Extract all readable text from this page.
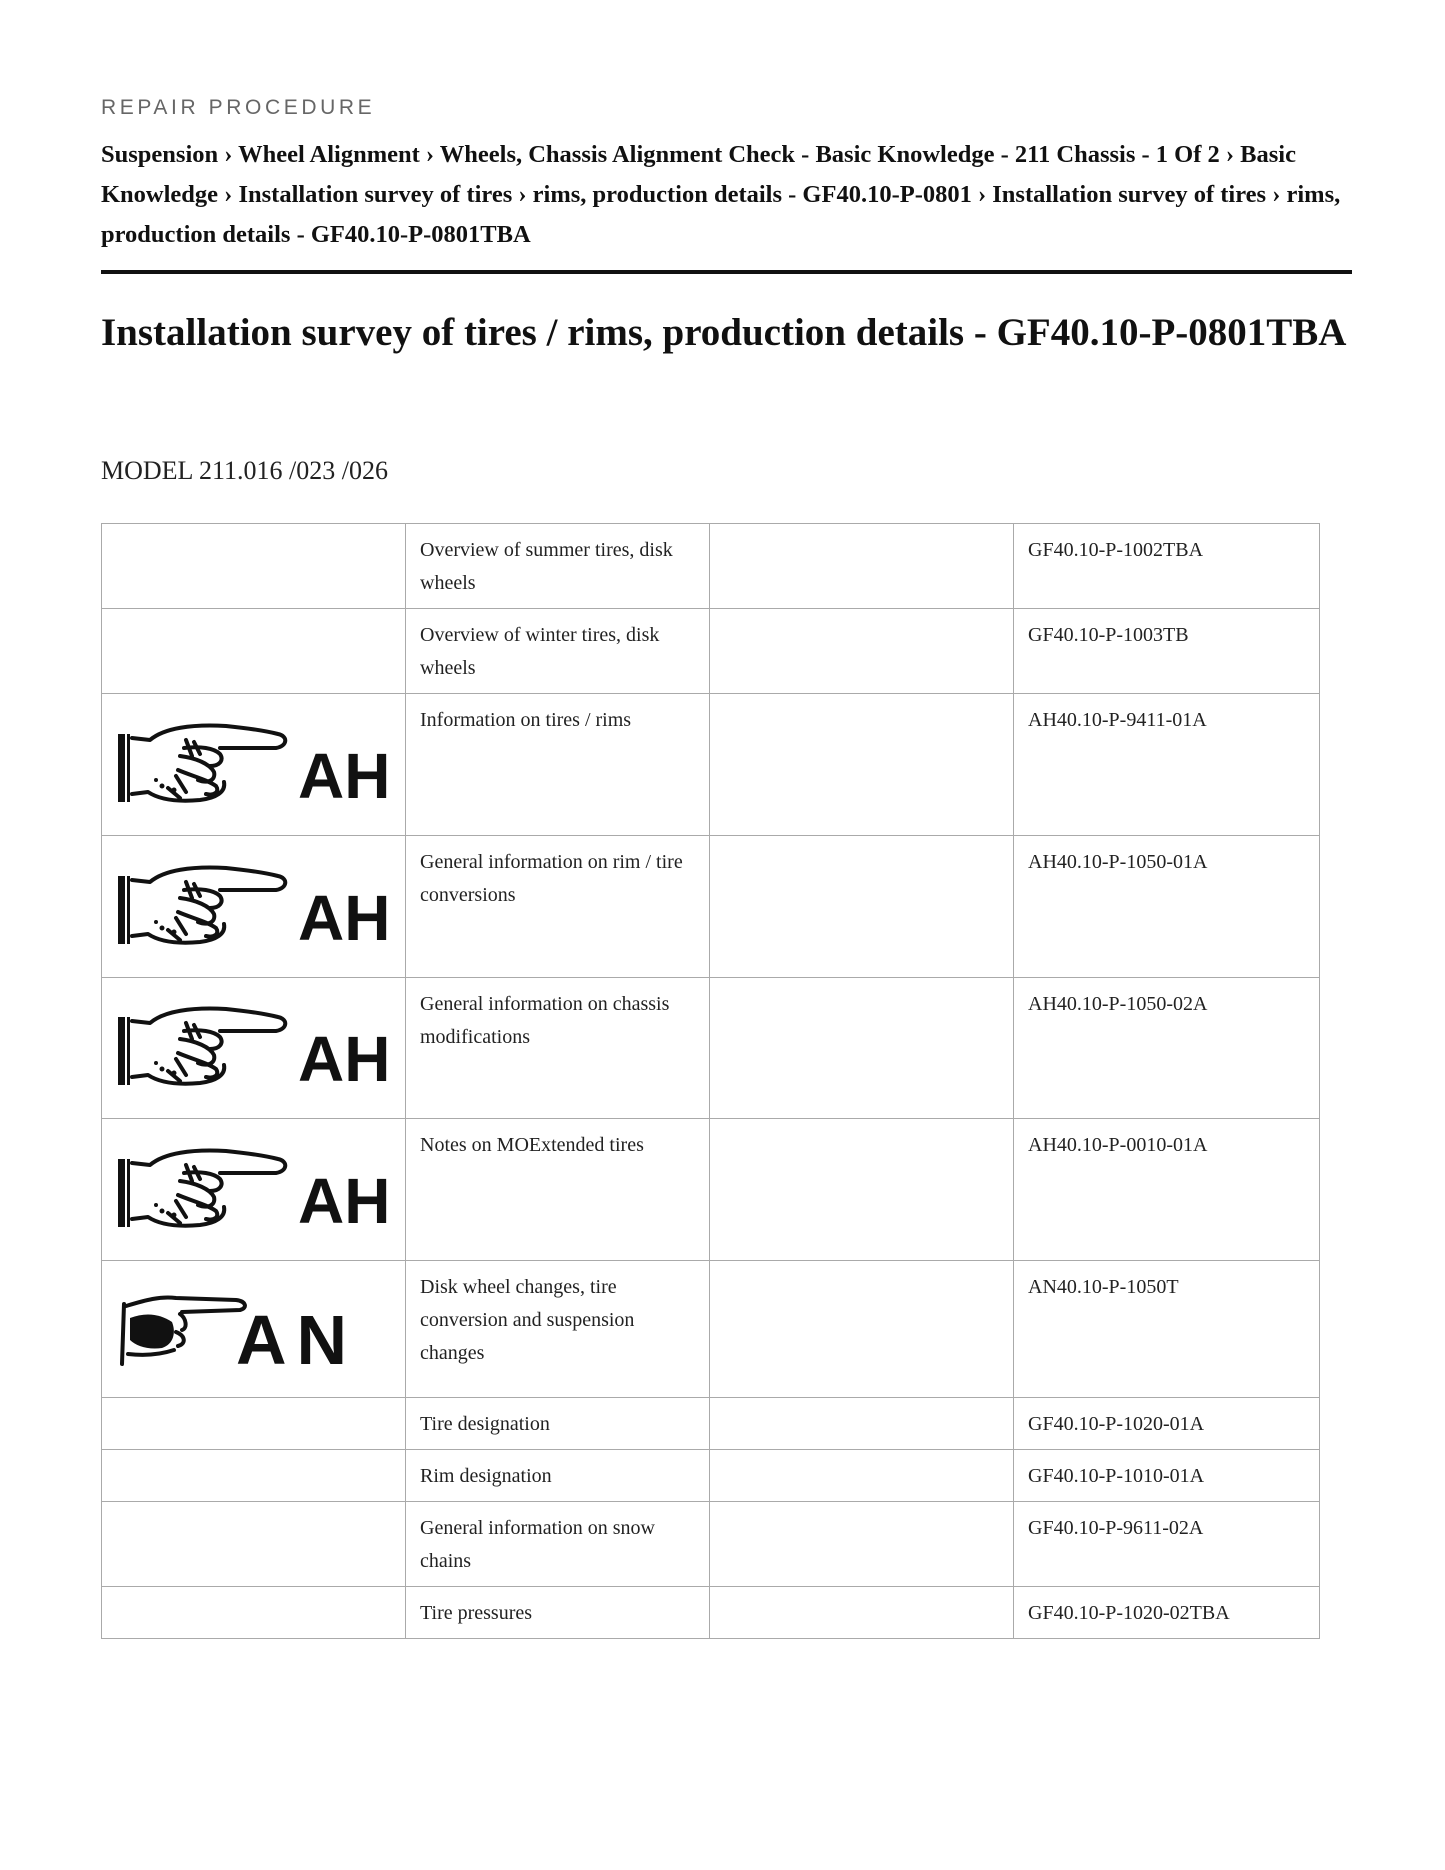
REPAIR PROCEDURE
Suspension › Wheel Alignment › Wheels, Chassis Alignment Check - Basic Knowledge - 211 Chassis - 1 Of 2 › Basic Knowledge › Installation survey of tires › rims, production details - GF40.10-P-0801 › Installation survey of tires › rims, production details - GF40.10-P-0801TBA
Installation survey of tires / rims, production details - GF40.10-P-0801TBA
MODEL 211.016 /023 /026
	Overview of summer tires, disk wheels		GF40.10-P-1002TBA
	Overview of winter tires, disk wheels		GF40.10-P-1003TB

AH	Information on tires / rims		AH40.10-P-9411-01A

AH	General information on rim / tire conversions		AH40.10-P-1050-01A

AH	General information on chassis modifications		AH40.10-P-1050-02A

AH	Notes on MOExtended tires		AH40.10-P-0010-01A

AN	Disk wheel changes, tire conversion and suspension changes		AN40.10-P-1050T
	Tire designation		GF40.10-P-1020-01A
	Rim designation		GF40.10-P-1010-01A
	General information on snow chains		GF40.10-P-9611-02A
	Tire pressures		GF40.10-P-1020-02TBA
